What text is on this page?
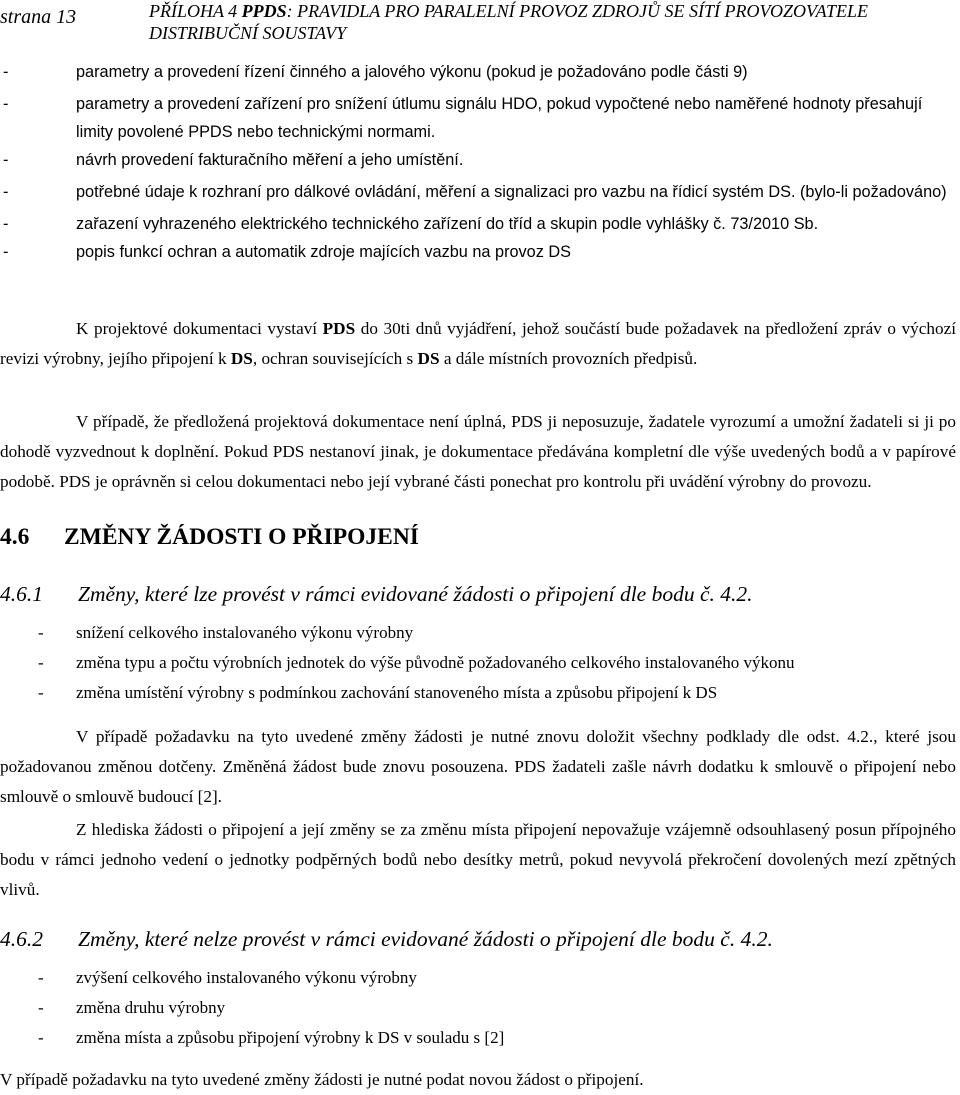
strana 13	PŘÍLOHA 4 PPDS: PRAVIDLA PRO PARALELNÍ PROVOZ ZDROJŮ SE SÍTÍ PROVOZOVATELE DISTRIBUČNÍ SOUSTAVY
-	parametry a provedení řízení činného a jalového výkonu (pokud je požadováno podle části 9)
-	parametry a provedení zařízení pro snížení útlumu signálu HDO, pokud vypočtené nebo naměřené hodnoty přesahují limity povolené PPDS nebo technickými normami.
-	návrh provedení fakturačního měření a jeho umístění.
-	potřebné údaje k rozhraní pro dálkové ovládání, měření a signalizaci pro vazbu na řídicí systém DS. (bylo-li požadováno)
-	zařazení vyhrazeného elektrického technického zařízení do tříd a skupin podle vyhlášky č. 73/2010 Sb.
-	popis funkcí ochran a automatik zdroje majících vazbu na provoz DS
K projektové dokumentaci vystaví PDS do 30ti dnů vyjádření, jehož součástí bude požadavek na předložení zpráv o výchozí revizi výrobny, jejího připojení k DS, ochran souvisejících s DS a dále místních provozních předpisů.
V případě, že předložená projektová dokumentace není úplná, PDS ji neposuzuje, žadatele vyrozumí a umožní žadateli si ji po dohodě vyzvednout k doplnění. Pokud PDS nestanoví jinak, je dokumentace předávána kompletní dle výše uvedených bodů a v papírové podobě. PDS je oprávněn si celou dokumentaci nebo její vybrané části ponechat pro kontrolu při uvádění výrobny do provozu.
4.6 ZMĚNY ŽÁDOSTI O PŘIPOJENÍ
4.6.1 Změny, které lze provést v rámci evidované žádosti o připojení dle bodu č. 4.2.
- snížení celkového instalovaného výkonu výrobny
- změna typu a počtu výrobních jednotek do výše původně požadovaného celkového instalovaného výkonu
- změna umístění výrobny s podmínkou zachování stanoveného místa a způsobu připojení k DS
V případě požadavku na tyto uvedené změny žádosti je nutné znovu doložit všechny podklady dle odst. 4.2., které jsou požadovanou změnou dotčeny. Změněná žádost bude znovu posouzena. PDS žadateli zašle návrh dodatku k smlouvě o připojení nebo smlouvě o smlouvě budoucí [2].
Z hlediska žádosti o připojení a její změny se za změnu místa připojení nepovažuje vzájemně odsouhlasený posun přípojného bodu v rámci jednoho vedení o jednotky podpěrných bodů nebo desítky metrů, pokud nevyvolá překročení dovolených mezí zpětných vlivů.
4.6.2 Změny, které nelze provést v rámci evidované žádosti o připojení dle bodu č. 4.2.
- zvýšení celkového instalovaného výkonu výrobny
- změna druhu výrobny
- změna místa a způsobu připojení výrobny k DS v souladu s [2]
V případě požadavku na tyto uvedené změny žádosti je nutné podat novou žádost o připojení.
